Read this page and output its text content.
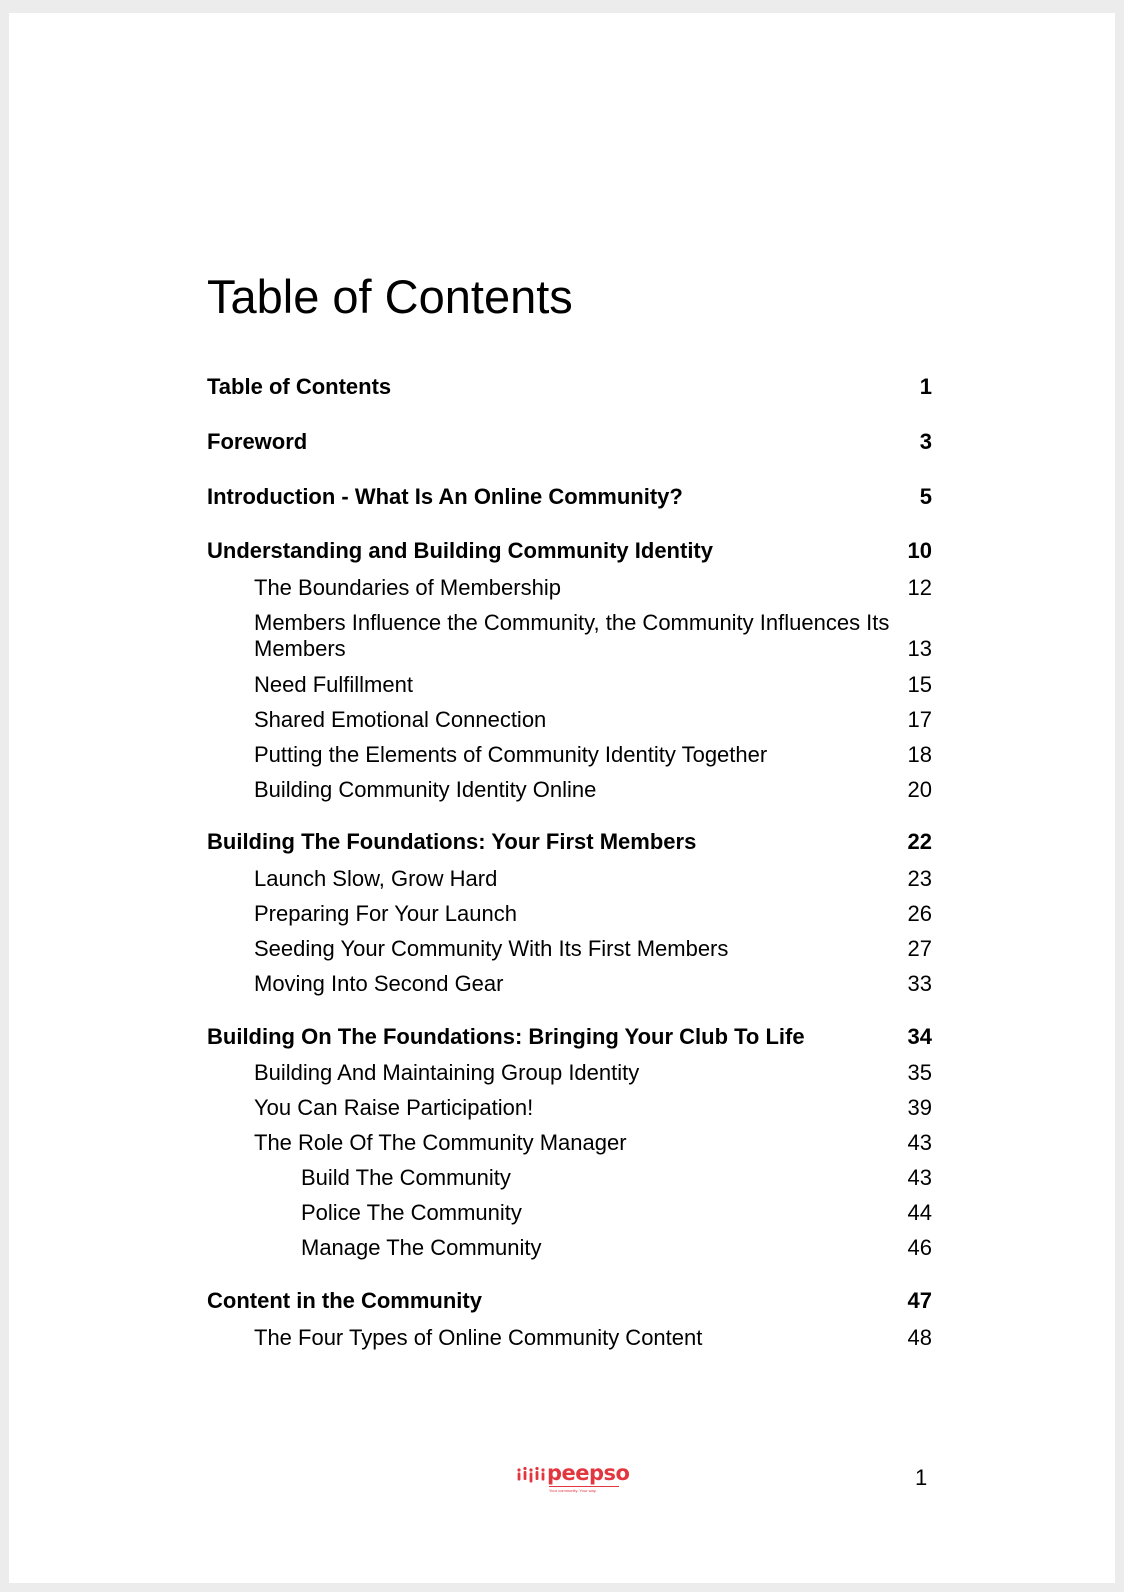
Table of Contents
Table of Contents	1
Foreword	3
Introduction - What Is An Online Community?	5
Understanding and Building Community Identity	10
The Boundaries of Membership	12
Members Influence the Community, the Community Influences Its Members	13
Need Fulfillment	15
Shared Emotional Connection	17
Putting the Elements of Community Identity Together	18
Building Community Identity Online	20
Building The Foundations: Your First Members	22
Launch Slow, Grow Hard	23
Preparing For Your Launch	26
Seeding Your Community With Its First Members	27
Moving Into Second Gear	33
Building On The Foundations: Bringing Your Club To Life	34
Building And Maintaining Group Identity	35
You Can Raise Participation!	39
The Role Of The Community Manager	43
Build The Community	43
Police The Community	44
Manage The Community	46
Content in the Community	47
The Four Types of Online Community Content	48
peepso
Your community. Your way.
1
